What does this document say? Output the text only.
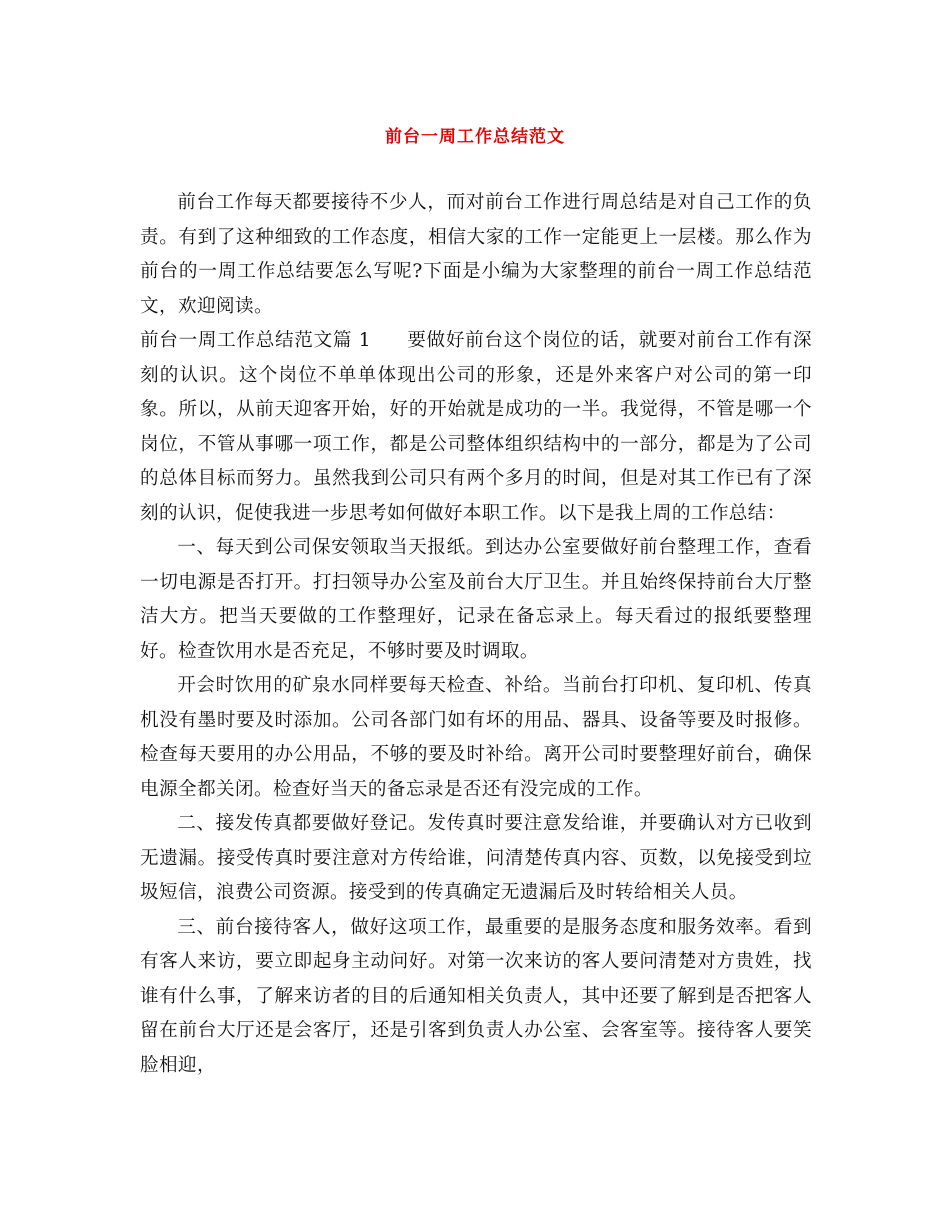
前台一周工作总结范文

前台工作每天都要接待不少人，而对前台工作进行周总结是对自己工作的负责。有到了这种细致的工作态度，相信大家的工作一定能更上一层楼。那么作为前台的一周工作总结要怎么写呢?下面是小编为大家整理的前台一周工作总结范文，欢迎阅读。

前台一周工作总结范文篇 1 要做好前台这个岗位的话，就要对前台工作有深刻的认识。这个岗位不单单体现出公司的形象，还是外来客户对公司的第一印象。所以，从前天迎客开始，好的开始就是成功的一半。我觉得，不管是哪一个岗位，不管从事哪一项工作，都是公司整体组织结构中的一部分，都是为了公司的总体目标而努力。虽然我到公司只有两个多月的时间，但是对其工作已有了深刻的认识，促使我进一步思考如何做好本职工作。以下是我上周的工作总结：

一、每天到公司保安领取当天报纸。到达办公室要做好前台整理工作，查看一切电源是否打开。打扫领导办公室及前台大厅卫生。并且始终保持前台大厅整洁大方。把当天要做的工作整理好，记录在备忘录上。每天看过的报纸要整理好。检查饮用水是否充足，不够时要及时调取。

开会时饮用的矿泉水同样要每天检查、补给。当前台打印机、复印机、传真机没有墨时要及时添加。公司各部门如有坏的用品、器具、设备等要及时报修。检查每天要用的办公用品，不够的要及时补给。离开公司时要整理好前台，确保电源全都关闭。检查好当天的备忘录是否还有没完成的工作。

二、接发传真都要做好登记。发传真时要注意发给谁，并要确认对方已收到无遗漏。接受传真时要注意对方传给谁，问清楚传真内容、页数，以免接受到垃圾短信，浪费公司资源。接受到的传真确定无遗漏后及时转给相关人员。

三、前台接待客人，做好这项工作，最重要的是服务态度和服务效率。看到有客人来访，要立即起身主动问好。对第一次来访的客人要问清楚对方贵姓，找谁有什么事，了解来访者的目的后通知相关负责人，其中还要了解到是否把客人留在前台大厅还是会客厅，还是引客到负责人办公室、会客室等。接待客人要笑脸相迎，
